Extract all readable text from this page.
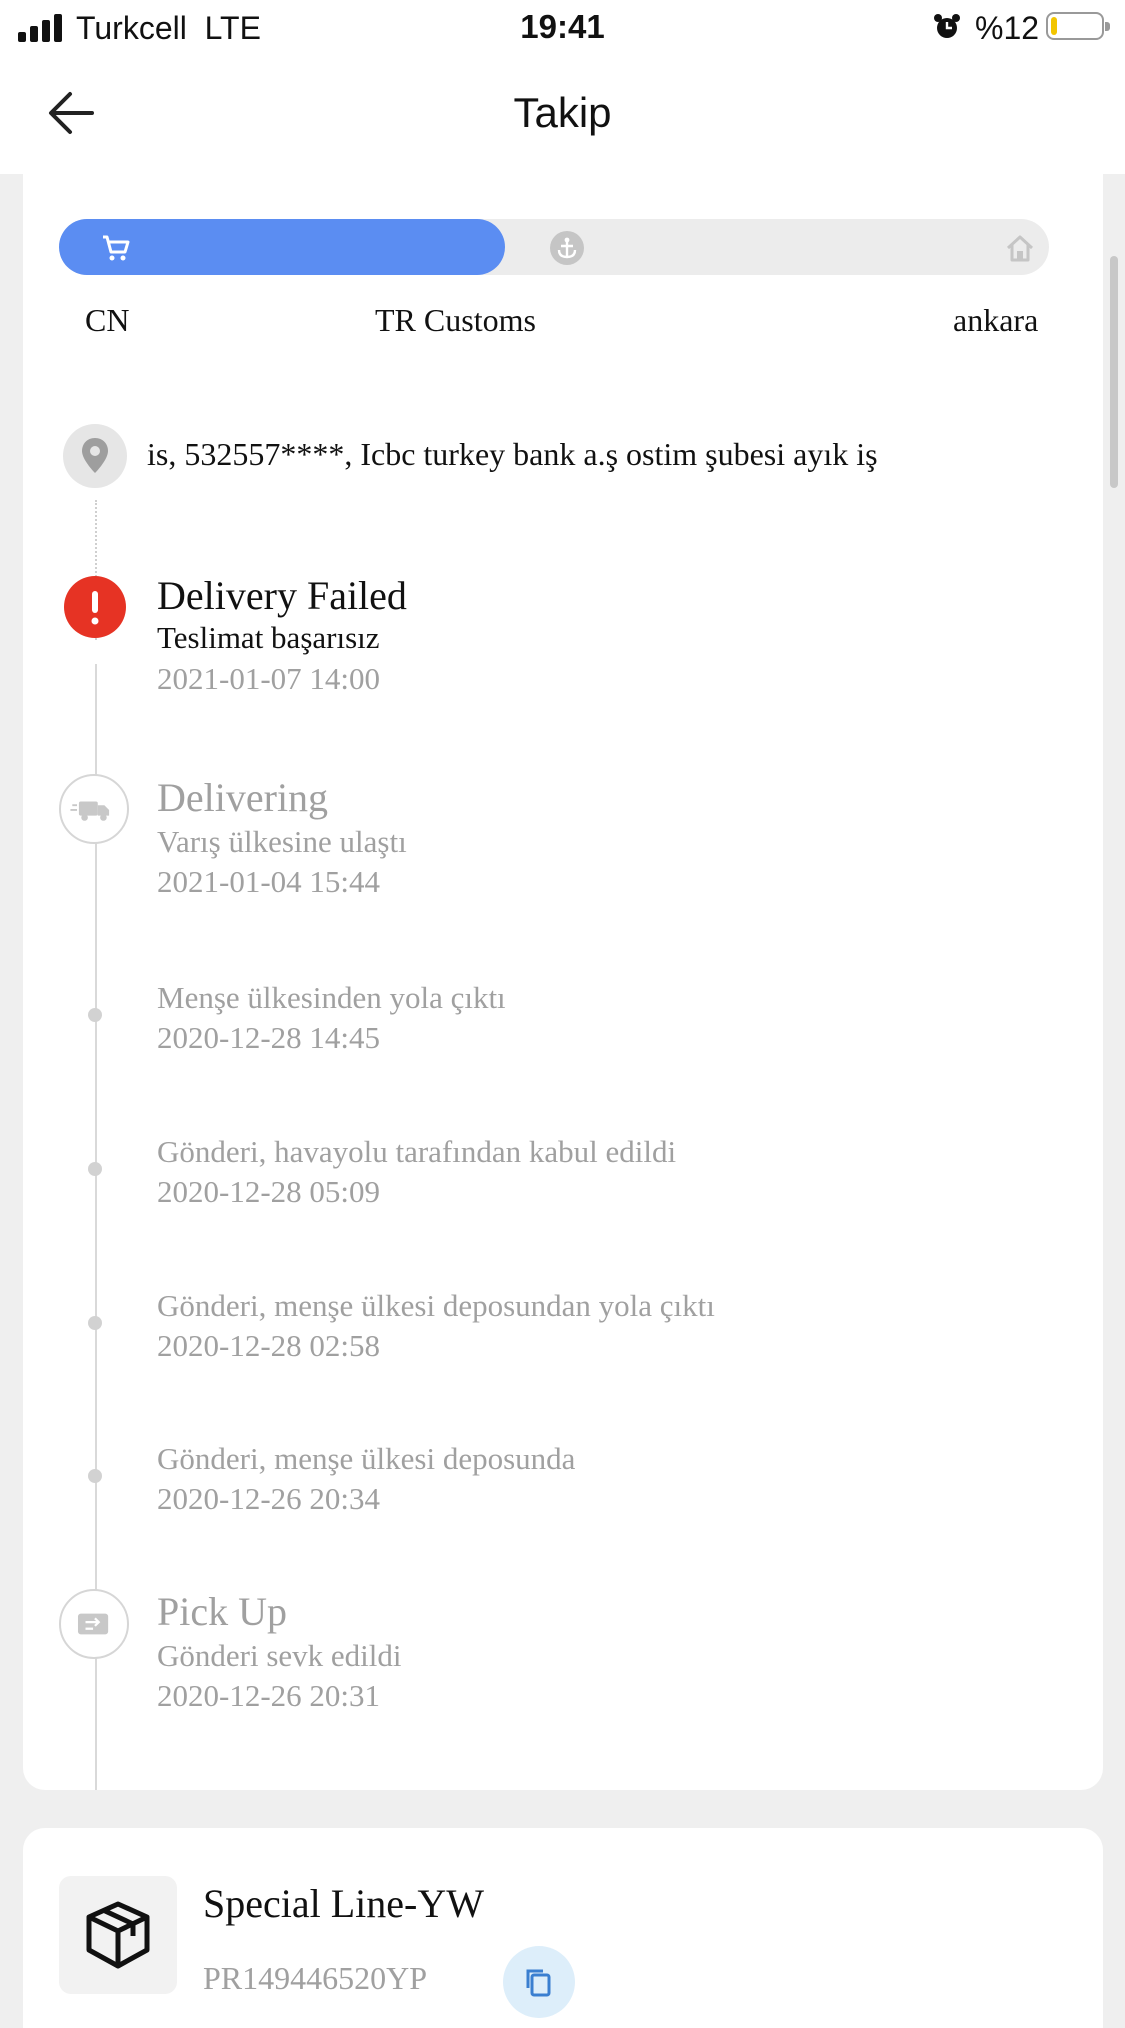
Turkcell LTE	19:41	%12
Takip
CN	TR Customs	ankara
is, 532557****, Icbc turkey bank a.ş ostim şubesi ayık iş
Delivery Failed
Teslimat başarısız
2021-01-07 14:00
Delivering
Varış ülkesine ulaştı
2021-01-04 15:44
Menşe ülkesinden yola çıktı
2020-12-28 14:45
Gönderi, havayolu tarafından kabul edildi
2020-12-28 05:09
Gönderi, menşe ülkesi deposundan yola çıktı
2020-12-28 02:58
Gönderi, menşe ülkesi deposunda
2020-12-26 20:34
Pick Up
Gönderi sevk edildi
2020-12-26 20:31
Special Line-YW
PR149446520YP
